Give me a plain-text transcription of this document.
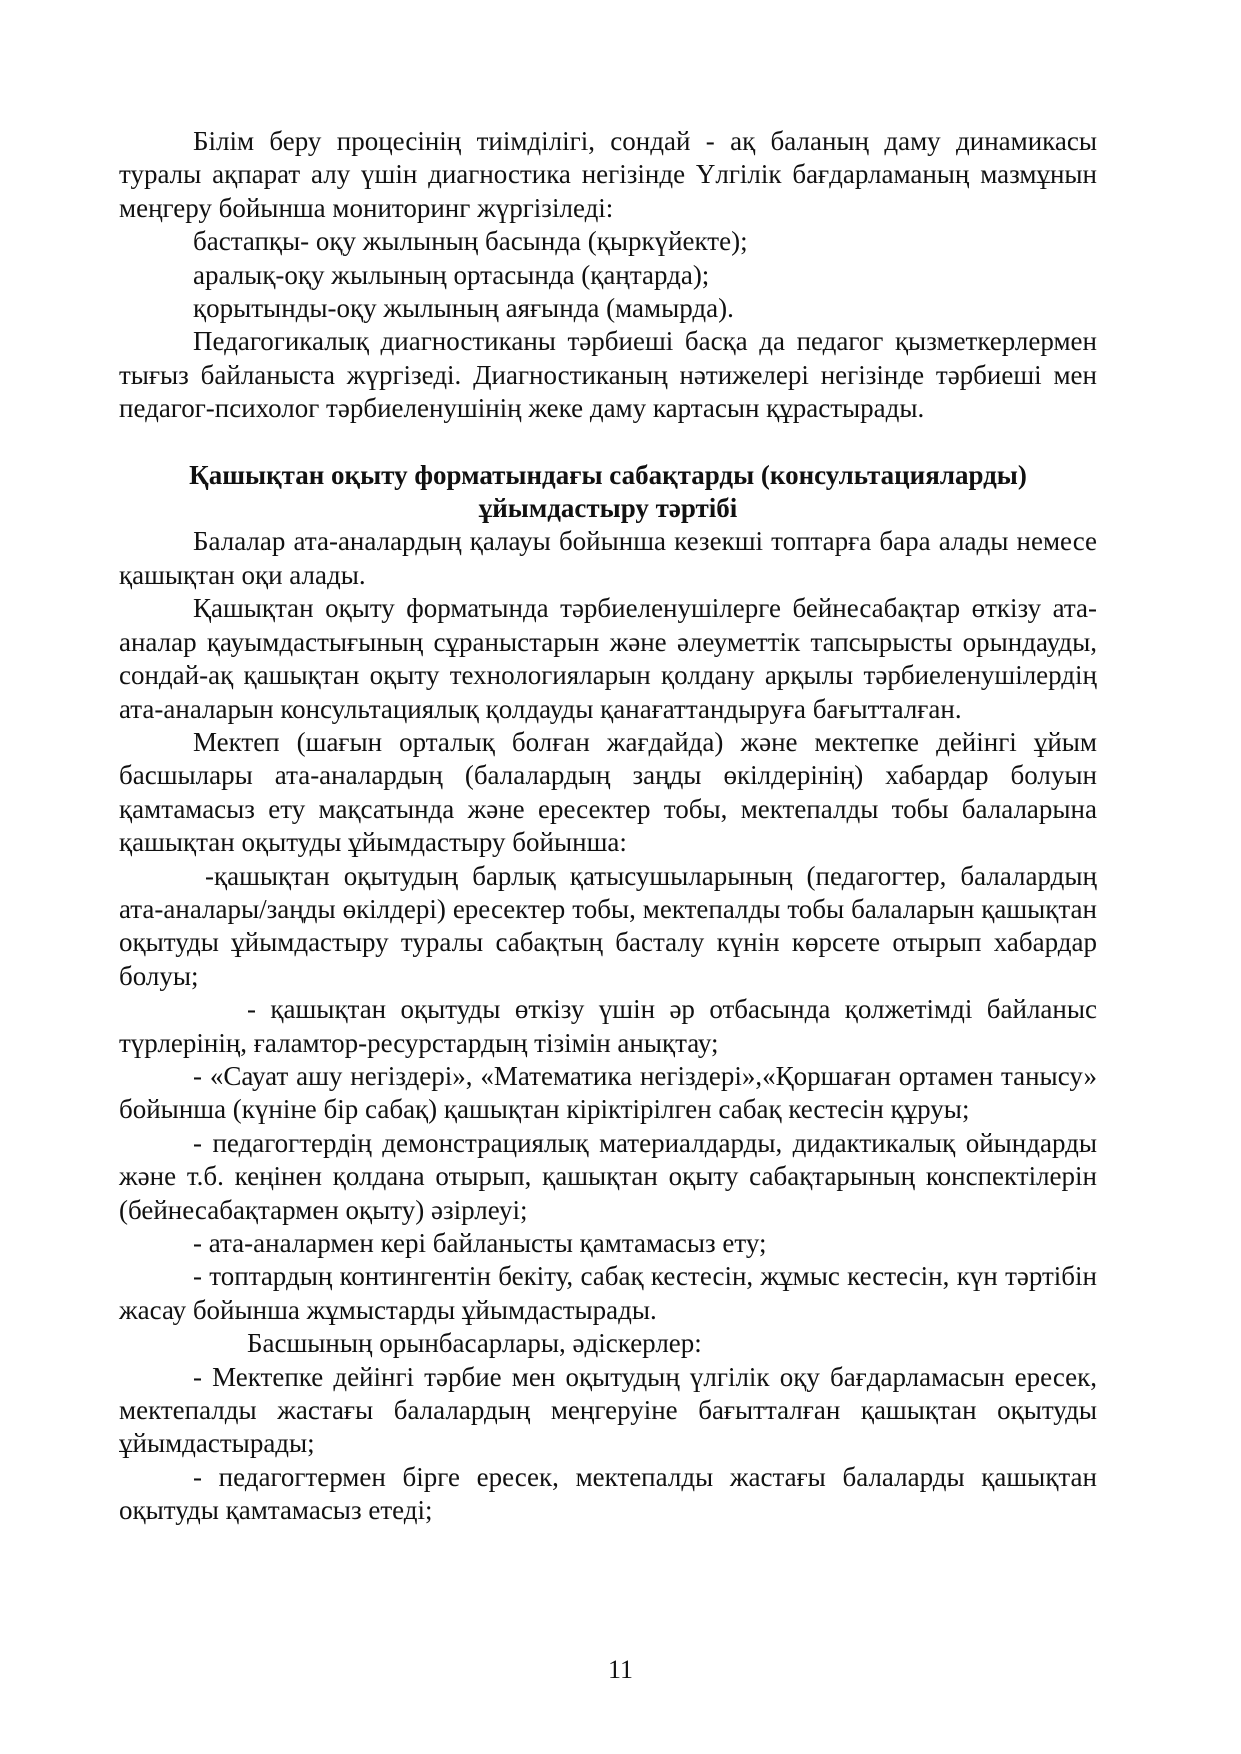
Білім беру процесінің тиімділігі, сондай - ақ баланың даму динамикасы туралы ақпарат алу үшін диагностика негізінде Үлгілік бағдарламаның мазмұнын меңгеру бойынша мониторинг жүргізіледі:

бастапқы- оқу жылының басында (қыркүйекте);

аралық-оқу жылының ортасында (қаңтарда);

қорытынды-оқу жылының аяғында (мамырда).

Педагогикалық диагностиканы тәрбиеші басқа да педагог қызметкерлермен тығыз байланыста жүргізеді. Диагностиканың нәтижелері негізінде тәрбиеші мен педагог-психолог тәрбиеленушінің жеке даму картасын құрастырады.

Қашықтан оқыту форматындағы сабақтарды (консультацияларды)
ұйымдастыру тәртібі

Балалар ата-аналардың қалауы бойынша кезекші топтарға бара алады немесе қашықтан оқи алады.

Қашықтан оқыту форматында тәрбиеленушілерге бейнесабақтар өткізу ата-аналар қауымдастығының сұраныстарын және әлеуметтік тапсырысты орындауды, сондай-ақ қашықтан оқыту технологияларын қолдану арқылы тәрбиеленушілердің ата-аналарын консультациялық қолдауды қанағаттандыруға бағытталған.

Мектеп (шағын орталық болған жағдайда) және мектепке дейінгі ұйым басшылары ата-аналардың (балалардың заңды өкілдерінің) хабардар болуын қамтамасыз ету мақсатында және ересектер тобы, мектепалды тобы балаларына қашықтан оқытуды ұйымдастыру бойынша:

-қашықтан оқытудың барлық қатысушыларының (педагогтер, балалардың ата-аналары/заңды өкілдері) ересектер тобы, мектепалды тобы балаларын қашықтан оқытуды ұйымдастыру туралы сабақтың басталу күнін көрсете отырып хабардар болуы;

- қашықтан оқытуды өткізу үшін әр отбасында қолжетімді байланыс түрлерінің, ғаламтор-ресурстардың тізімін анықтау;

- «Сауат ашу негіздері», «Математика негіздері»,«Қоршаған ортамен танысу» бойынша (күніне бір сабақ) қашықтан кіріктірілген сабақ кестесін құруы;

- педагогтердің демонстрациялық материалдарды, дидактикалық ойындарды және т.б. кеңінен қолдана отырып, қашықтан оқыту сабақтарының конспектілерін (бейнесабақтармен оқыту) әзірлеуі;

- ата-аналармен кері байланысты қамтамасыз ету;

- топтардың контингентін бекіту, сабақ кестесін, жұмыс кестесін, күн тәртібін жасау бойынша жұмыстарды ұйымдастырады.

Басшының орынбасарлары, әдіскерлер:

- Мектепке дейінгі тәрбие мен оқытудың үлгілік оқу бағдарламасын ересек, мектепалды жастағы балалардың меңгеруіне бағытталған қашықтан оқытуды ұйымдастырады;

- педагогтермен бірге ересек, мектепалды жастағы балаларды қашықтан оқытуды қамтамасыз етеді;

11
